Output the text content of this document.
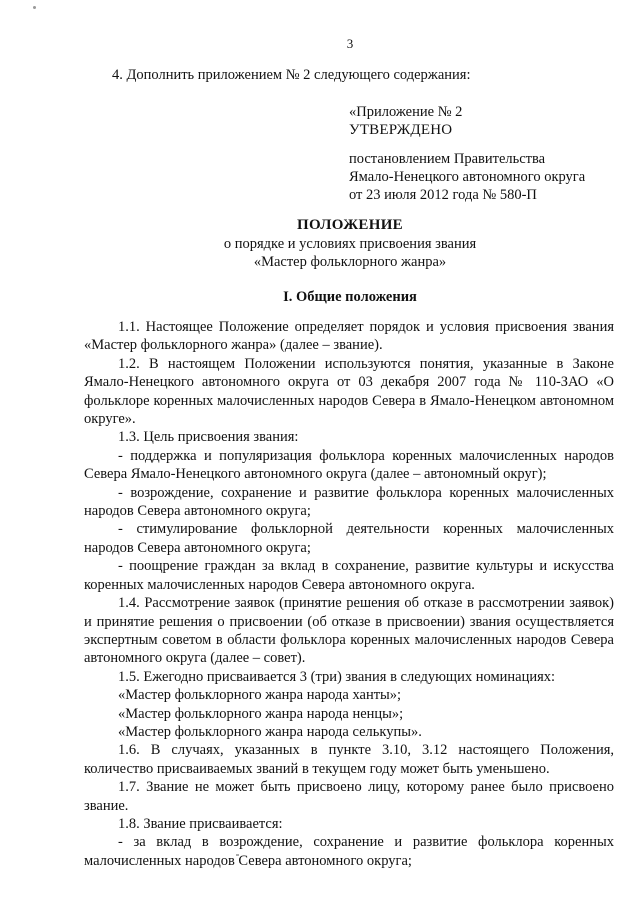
3
4. Дополнить приложением № 2 следующего содержания:
«Приложение № 2
УТВЕРЖДЕНО
постановлением Правительства
Ямало-Ненецкого автономного округа
от 23 июля 2012 года № 580-П
ПОЛОЖЕНИЕ
о порядке и условиях присвоения звания
«Мастер фольклорного жанра»
I. Общие положения

1.1. Настоящее Положение определяет порядок и условия присвоения звания «Мастер фольклорного жанра» (далее – звание).

1.2. В настоящем Положении используются понятия, указанные в Законе Ямало-Ненецкого автономного округа от 03 декабря 2007 года № 110-ЗАО «О фольклоре коренных малочисленных народов Севера в Ямало-Ненецком автономном округе».

1.3. Цель присвоения звания:

- поддержка и популяризация фольклора коренных малочисленных народов Севера Ямало-Ненецкого автономного округа (далее – автономный округ);

- возрождение, сохранение и развитие фольклора коренных малочисленных народов Севера автономного округа;

- стимулирование фольклорной деятельности коренных малочисленных народов Севера автономного округа;

- поощрение граждан за вклад в сохранение, развитие культуры и искусства коренных малочисленных народов Севера автономного округа.

1.4. Рассмотрение заявок (принятие решения об отказе в рассмотрении заявок) и принятие решения о присвоении (об отказе в присвоении) звания осуществляется экспертным советом в области фольклора коренных малочисленных народов Севера автономного округа (далее – совет).

1.5. Ежегодно присваивается 3 (три) звания в следующих номинациях:

«Мастер фольклорного жанра народа ханты»;

«Мастер фольклорного жанра народа ненцы»;

«Мастер фольклорного жанра народа селькупы».

1.6. В случаях, указанных в пункте 3.10, 3.12 настоящего Положения, количество присваиваемых званий в текущем году может быть уменьшено.

1.7. Звание не может быть присвоено лицу, которому ранее было присвоено звание.

1.8. Звание присваивается:

- за вклад в возрождение, сохранение и развитие фольклора коренных малочисленных народов Севера автономного округа;
